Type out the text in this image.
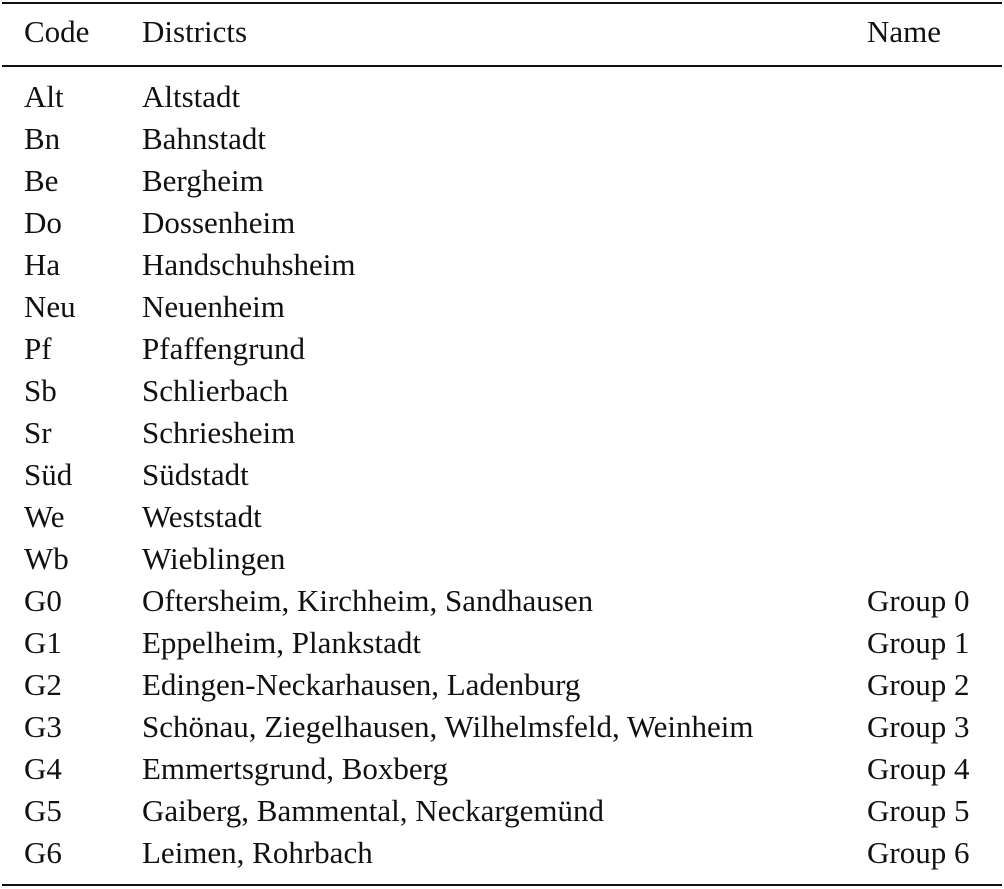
Code Districts	Name
Alt	Altstadt
Bn	Bahnstadt
Be	Bergheim
Do	Dossenheim
Ha	Handschuhsheim
Neu Neuenheim
Pf	Pfaffengrund
Sb	Schlierbach
Sr	Schriesheim
Süd Südstadt
We Weststadt
Wb Wieblingen
G0	Oftersheim, Kirchheim, Sandhausen	Group 0
G1	Eppelheim, Plankstadt	Group 1
G2	Edingen-Neckarhausen, Ladenburg	Group 2
G3	Schönau, Ziegelhausen, Wilhelmsfeld, Weinheim	Group 3
G4	Emmertsgrund, Boxberg	Group 4
G5	Gaiberg, Bammental, Neckargemünd	Group 5
G6	Leimen, Rohrbach	Group 6
